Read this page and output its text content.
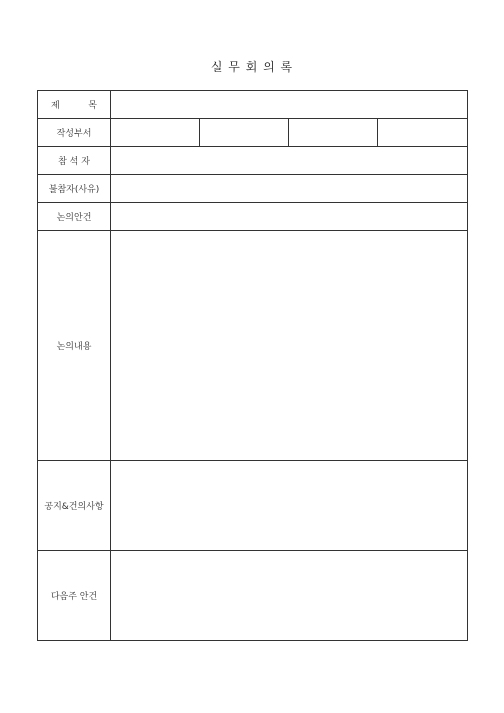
실 무 회 의 록
제          목				
작성부서				
참 석 자				
불참자(사유)				
논의안건				
논의내용				
공지&건의사항				
다음주 안건				
